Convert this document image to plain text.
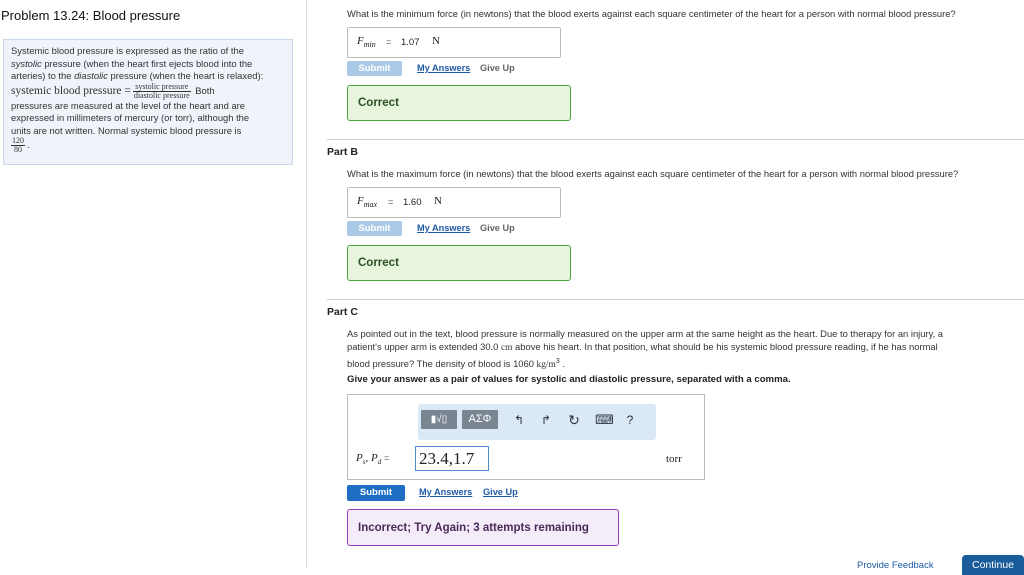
Problem 13.24: Blood pressure
Systemic blood pressure is expressed as the ratio of the
systolic pressure (when the heart first ejects blood into the
arteries) to the diastolic pressure (when the heart is relaxed):
systemic blood pressure = $\frac{\text{systolic pressure}}{\text{diastolic pressure}}$ Both
pressures are measured at the level of the heart and are
expressed in millimeters of mercury (or torr), although the
units are not written. Normal systemic blood pressure is

$\frac{120}{80}$ .
What is the minimum force (in newtons) that the blood exerts against each square centimeter of the heart for a person with normal blood pressure?
$F_{min} = 1.07$ N
Submit	My Answers Give Up
Correct
Part B
What is the maximum force (in newtons) that the blood exerts against each square centimeter of the heart for a person with normal blood pressure?
$F_{max} = 1.60$ N
Submit	My Answers Give Up
Correct
Part C
As pointed out in the text, blood pressure is normally measured on the upper arm at the same height as the heart. Due to therapy for an injury, a
patient's upper arm is extended 30.0 cm above his heart. In that position, what should be his systemic blood pressure reading, if he has normal
blood pressure? The density of blood is 1060 $kg/m^3$ .
Give your answer as a pair of values for systolic and diastolic pressure, separated with a comma.
▮√▯	ΑΣΦ	↰ ↱ ↻ ⌨	?
$P_s$, $P_d = 23.4,1.7$	torr
Submit	My Answers Give Up
Incorrect; Try Again; 3 attempts remaining
Provide Feedback	Continue
